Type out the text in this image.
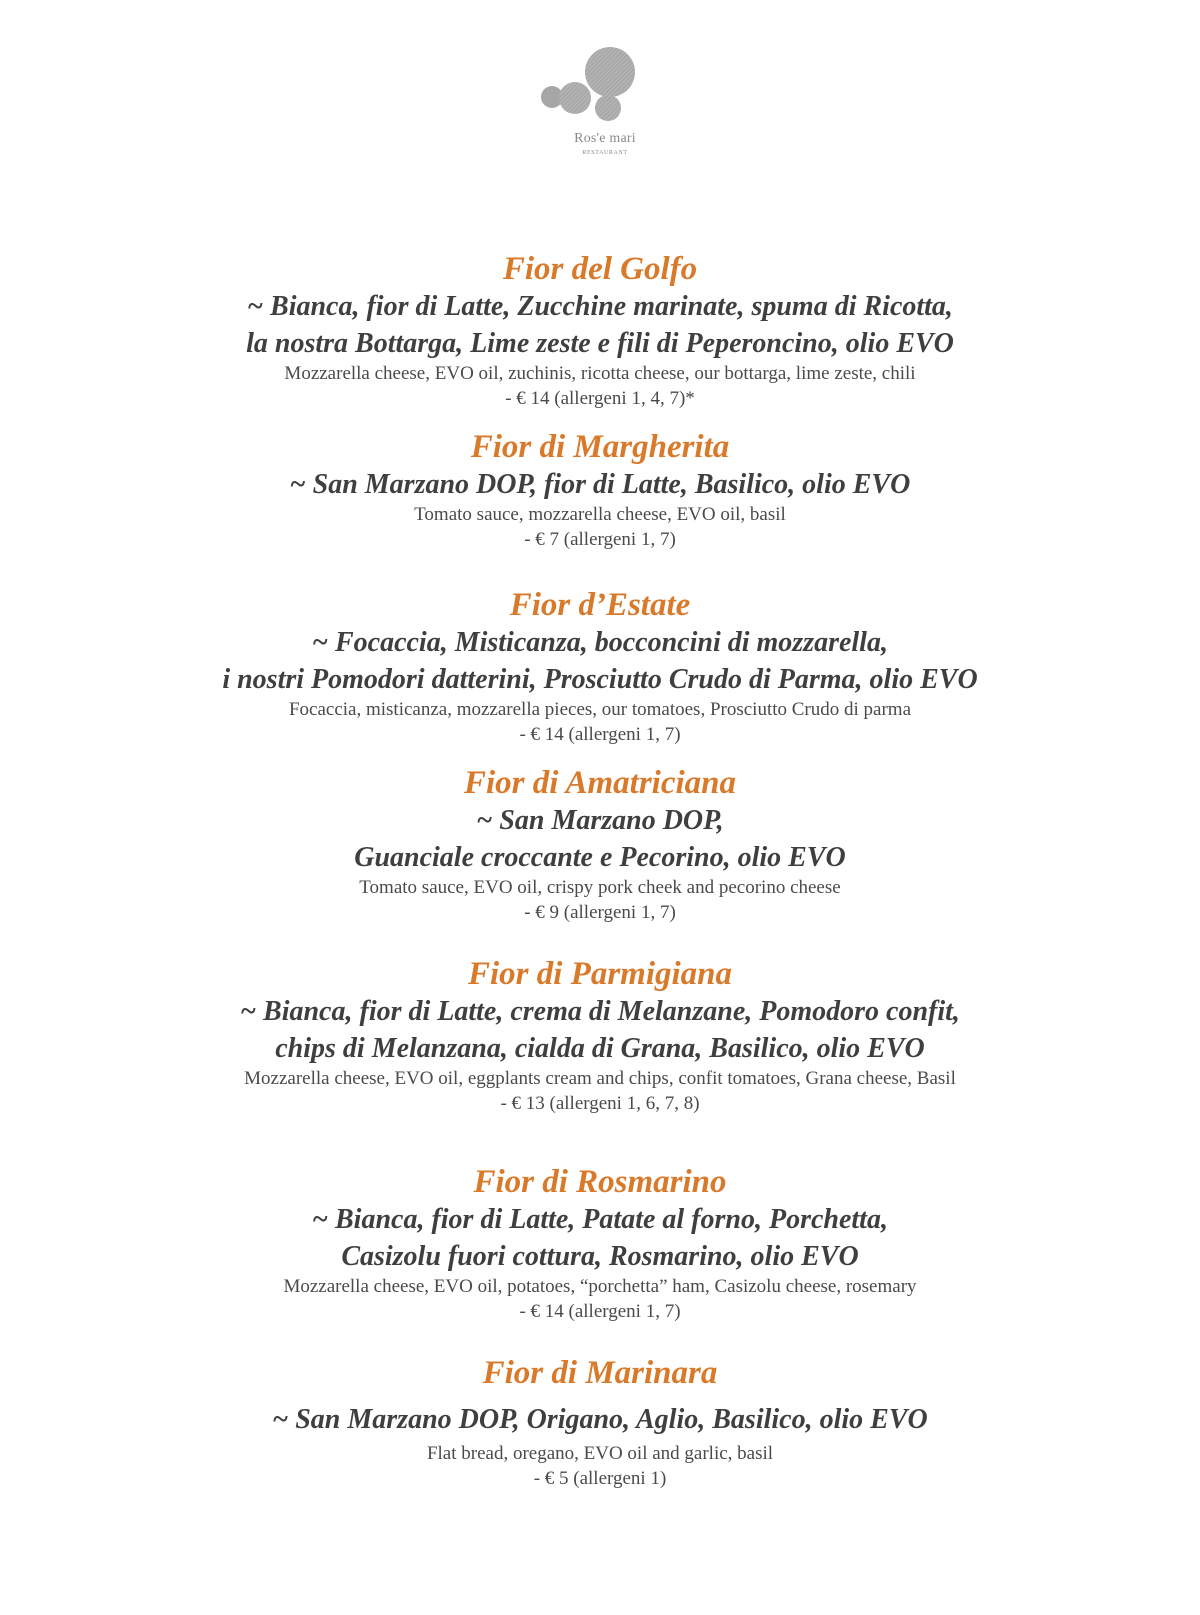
Ros'e mari
RESTAURANT
Fior del Golfo
~ Bianca, fior di Latte, Zucchine marinate, spuma di Ricotta,
la nostra Bottarga, Lime zeste e fili di Peperoncino, olio EVO
Mozzarella cheese, EVO oil, zuchinis, ricotta cheese, our bottarga, lime zeste, chili
- € 14 (allergeni 1, 4, 7)*
Fior di Margherita
~ San Marzano DOP, fior di Latte, Basilico, olio EVO
Tomato sauce, mozzarella cheese, EVO oil, basil
- € 7 (allergeni 1, 7)
Fior d’Estate
~ Focaccia, Misticanza, bocconcini di mozzarella,
i nostri Pomodori datterini, Prosciutto Crudo di Parma, olio EVO
Focaccia, misticanza, mozzarella pieces, our tomatoes, Prosciutto Crudo di parma
- € 14 (allergeni 1, 7)
Fior di Amatriciana
~ San Marzano DOP,
Guanciale croccante e Pecorino, olio EVO
Tomato sauce, EVO oil, crispy pork cheek and pecorino cheese
- € 9 (allergeni 1, 7)
Fior di Parmigiana
~ Bianca, fior di Latte, crema di Melanzane, Pomodoro confit,
chips di Melanzana, cialda di Grana, Basilico, olio EVO
Mozzarella cheese, EVO oil, eggplants cream and chips, confit tomatoes, Grana cheese, Basil
- € 13 (allergeni 1, 6, 7, 8)
Fior di Rosmarino
~ Bianca, fior di Latte, Patate al forno, Porchetta,
Casizolu fuori cottura, Rosmarino, olio EVO
Mozzarella cheese, EVO oil, potatoes, “porchetta” ham, Casizolu cheese, rosemary
- € 14 (allergeni 1, 7)
Fior di Marinara
~ San Marzano DOP, Origano, Aglio, Basilico, olio EVO
Flat bread, oregano, EVO oil and garlic, basil
- € 5 (allergeni 1)
